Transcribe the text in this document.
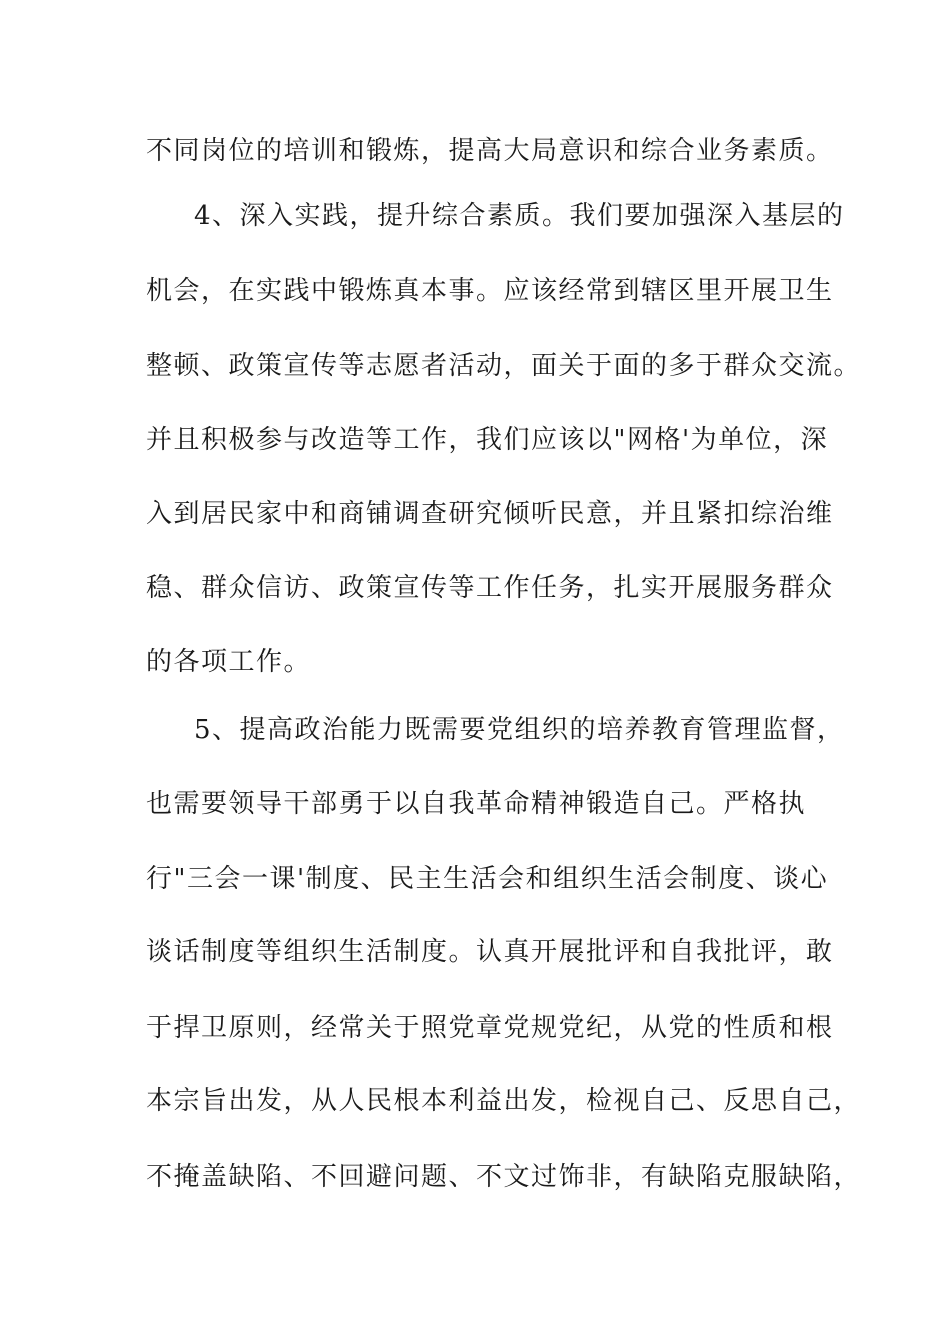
不同岗位的培训和锻炼，提高大局意识和综合业务素质。
4、深入实践，提升综合素质。我们要加强深入基层的
机会，在实践中锻炼真本事。应该经常到辖区里开展卫生
整顿、政策宣传等志愿者活动，面关于面的多于群众交流。
并且积极参与改造等工作，我们应该以"网格'为单位，深
入到居民家中和商铺调查研究倾听民意，并且紧扣综治维
稳、群众信访、政策宣传等工作任务，扎实开展服务群众
的各项工作。
5、提高政治能力既需要党组织的培养教育管理监督，
也需要领导干部勇于以自我革命精神锻造自己。严格执
行"三会一课'制度、民主生活会和组织生活会制度、谈心
谈话制度等组织生活制度。认真开展批评和自我批评，敢
于捍卫原则，经常关于照党章党规党纪，从党的性质和根
本宗旨出发，从人民根本利益出发，检视自己、反思自己，
不掩盖缺陷、不回避问题、不文过饰非，有缺陷克服缺陷，
